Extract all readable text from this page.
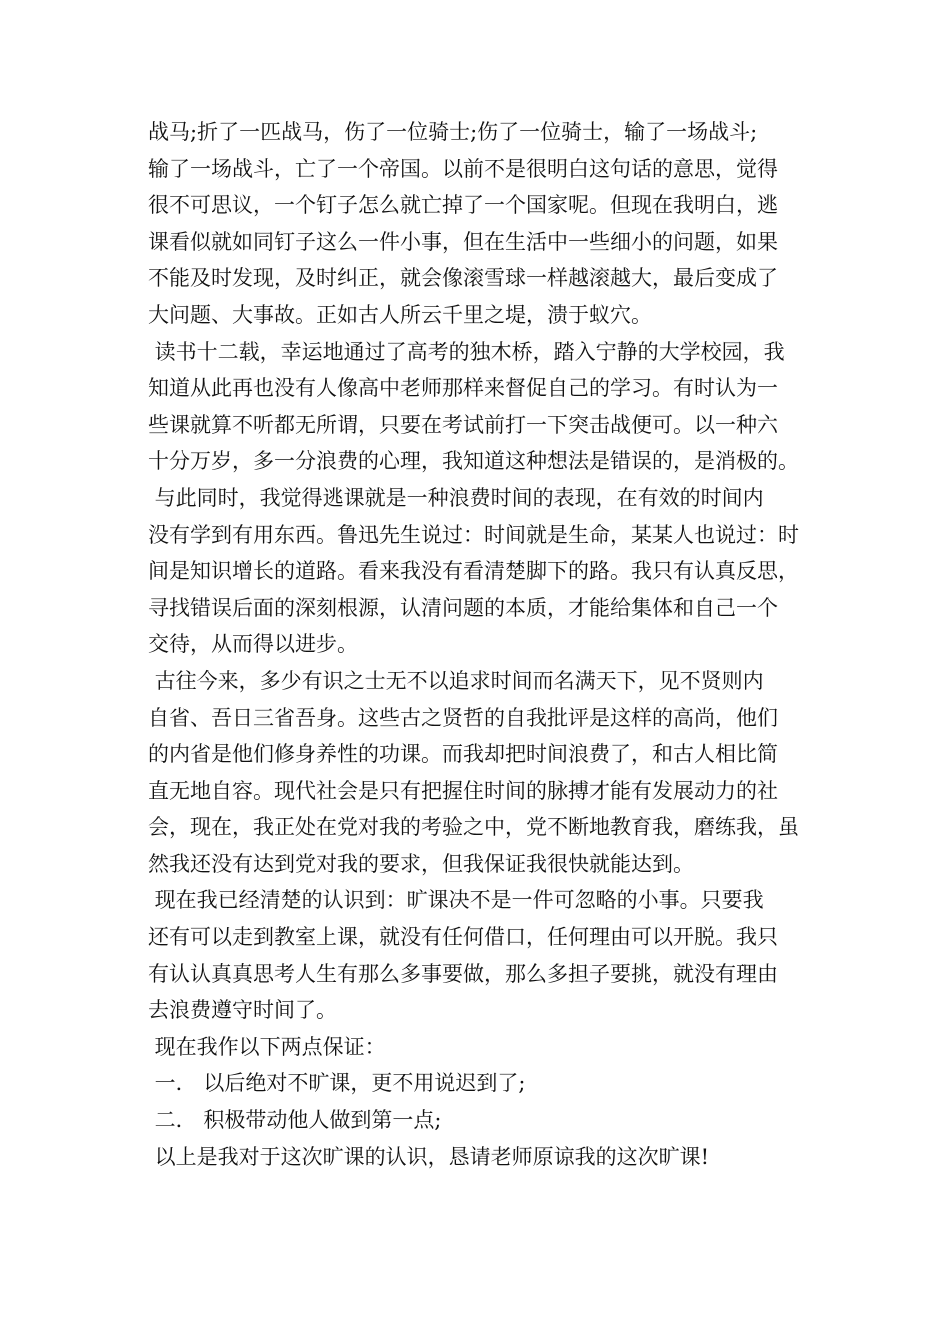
战马;折了一匹战马，伤了一位骑士;伤了一位骑士，输了一场战斗;
输了一场战斗，亡了一个帝国。以前不是很明白这句话的意思，觉得
很不可思议，一个钉子怎么就亡掉了一个国家呢。但现在我明白，逃
课看似就如同钉子这么一件小事，但在生活中一些细小的问题，如果
不能及时发现，及时纠正，就会像滚雪球一样越滚越大，最后变成了
大问题、大事故。正如古人所云千里之堤，溃于蚁穴。
读书十二载，幸运地通过了高考的独木桥，踏入宁静的大学校园，我
知道从此再也没有人像高中老师那样来督促自己的学习。有时认为一
些课就算不听都无所谓，只要在考试前打一下突击战便可。以一种六
十分万岁，多一分浪费的心理，我知道这种想法是错误的，是消极的。
与此同时，我觉得逃课就是一种浪费时间的表现，在有效的时间内
没有学到有用东西。鲁迅先生说过：时间就是生命，某某人也说过：时
间是知识增长的道路。看来我没有看清楚脚下的路。我只有认真反思，
寻找错误后面的深刻根源，认清问题的本质，才能给集体和自己一个
交待，从而得以进步。
古往今来，多少有识之士无不以追求时间而名满天下，见不贤则内
自省、吾日三省吾身。这些古之贤哲的自我批评是这样的高尚，他们
的内省是他们修身养性的功课。而我却把时间浪费了，和古人相比简
直无地自容。现代社会是只有把握住时间的脉搏才能有发展动力的社
会，现在，我正处在党对我的考验之中，党不断地教育我，磨练我，虽
然我还没有达到党对我的要求，但我保证我很快就能达到。
现在我已经清楚的认识到：旷课决不是一件可忽略的小事。只要我
还有可以走到教室上课，就没有任何借口，任何理由可以开脱。我只
有认认真真思考人生有那么多事要做，那么多担子要挑，就没有理由
去浪费遵守时间了。
现在我作以下两点保证：
一． 以后绝对不旷课，更不用说迟到了;
二． 积极带动他人做到第一点;
以上是我对于这次旷课的认识，恳请老师原谅我的这次旷课!
